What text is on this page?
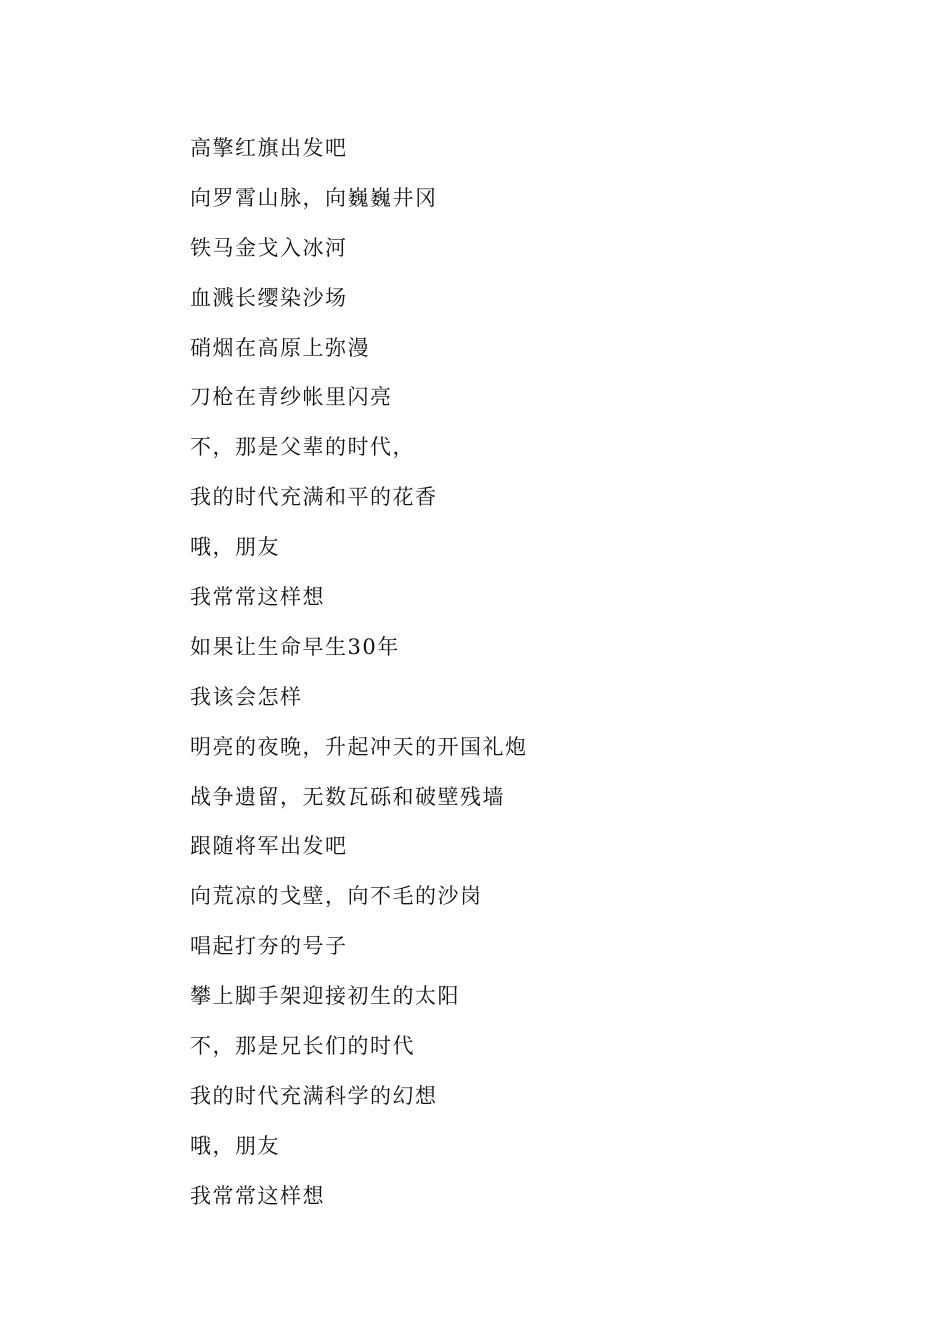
高擎红旗出发吧
向罗霄山脉，向巍巍井冈
铁马金戈入冰河
血溅长缨染沙场
硝烟在高原上弥漫
刀枪在青纱帐里闪亮
不，那是父辈的时代，
我的时代充满和平的花香
哦，朋友
我常常这样想
如果让生命早生30年
我该会怎样
明亮的夜晚，升起冲天的开国礼炮
战争遗留，无数瓦砾和破壁残墙
跟随将军出发吧
向荒凉的戈壁，向不毛的沙岗
唱起打夯的号子
攀上脚手架迎接初生的太阳
不，那是兄长们的时代
我的时代充满科学的幻想
哦，朋友
我常常这样想
